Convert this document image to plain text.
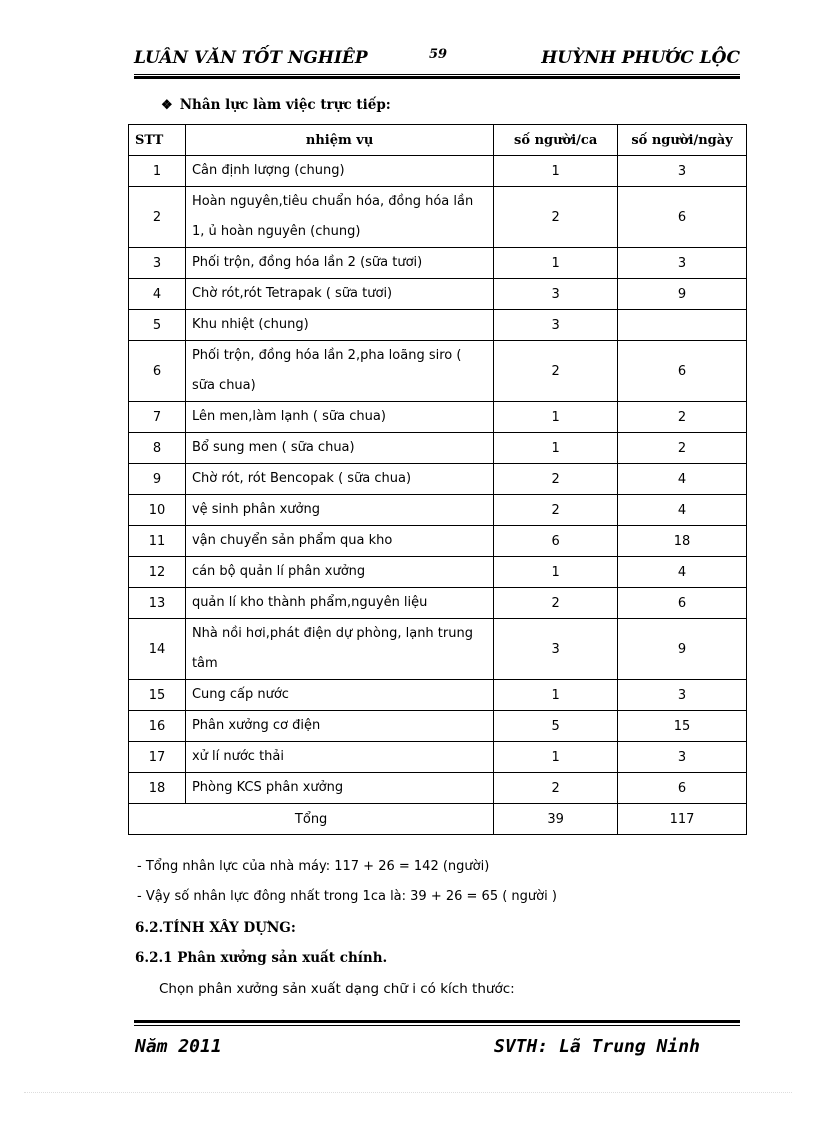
LUÂN VĂN TỐT NGHIÊP	59	HUỲNH PHƯỚC LỘC
❖ Nhân lực làm việc trực tiếp:
STT	nhiệm vụ	số người/ca	số người/ngày
1	Cân định lượng (chung)	1	3
2	Hoàn nguyên,tiêu chuẩn hóa, đồng hóa lần 1, ủ hoàn nguyên (chung)	2	6
3	Phối trộn, đồng hóa lần 2 (sữa tươi)	1	3
4	Chờ rót,rót Tetrapak ( sữa tươi)	3	9
5	Khu nhiệt (chung)	3	
6	Phối trộn, đồng hóa lần 2,pha loãng siro ( sữa chua)	2	6
7	Lên men,làm lạnh ( sữa chua)	1	2
8	Bổ sung men ( sữa chua)	1	2
9	Chờ rót, rót Bencopak ( sữa chua)	2	4
10	vệ sinh phân xưởng	2	4
11	vận chuyển sản phẩm qua kho	6	18
12	cán bộ quản lí phân xưởng	1	4
13	quản lí kho thành phẩm,nguyên liệu	2	6
14	Nhà nồi hơi,phát điện dự phòng, lạnh trung tâm	3	9
15	Cung cấp nước	1	3
16	Phân xưởng cơ điện	5	15
17	xử lí nước thải	1	3
18	Phòng KCS phân xưởng	2	6
Tổng		39	117
- Tổng nhân lực của nhà máy: 117 + 26 = 142 (người)
- Vậy số nhân lực đông nhất trong 1ca là: 39 + 26 = 65 ( người )
6.2.TÍNH XÂY DỰNG:
6.2.1 Phân xưởng sản xuất chính.
Chọn phân xưởng sản xuất dạng chữ i có kích thước:
Năm 2011	SVTH: Lã Trung Ninh
